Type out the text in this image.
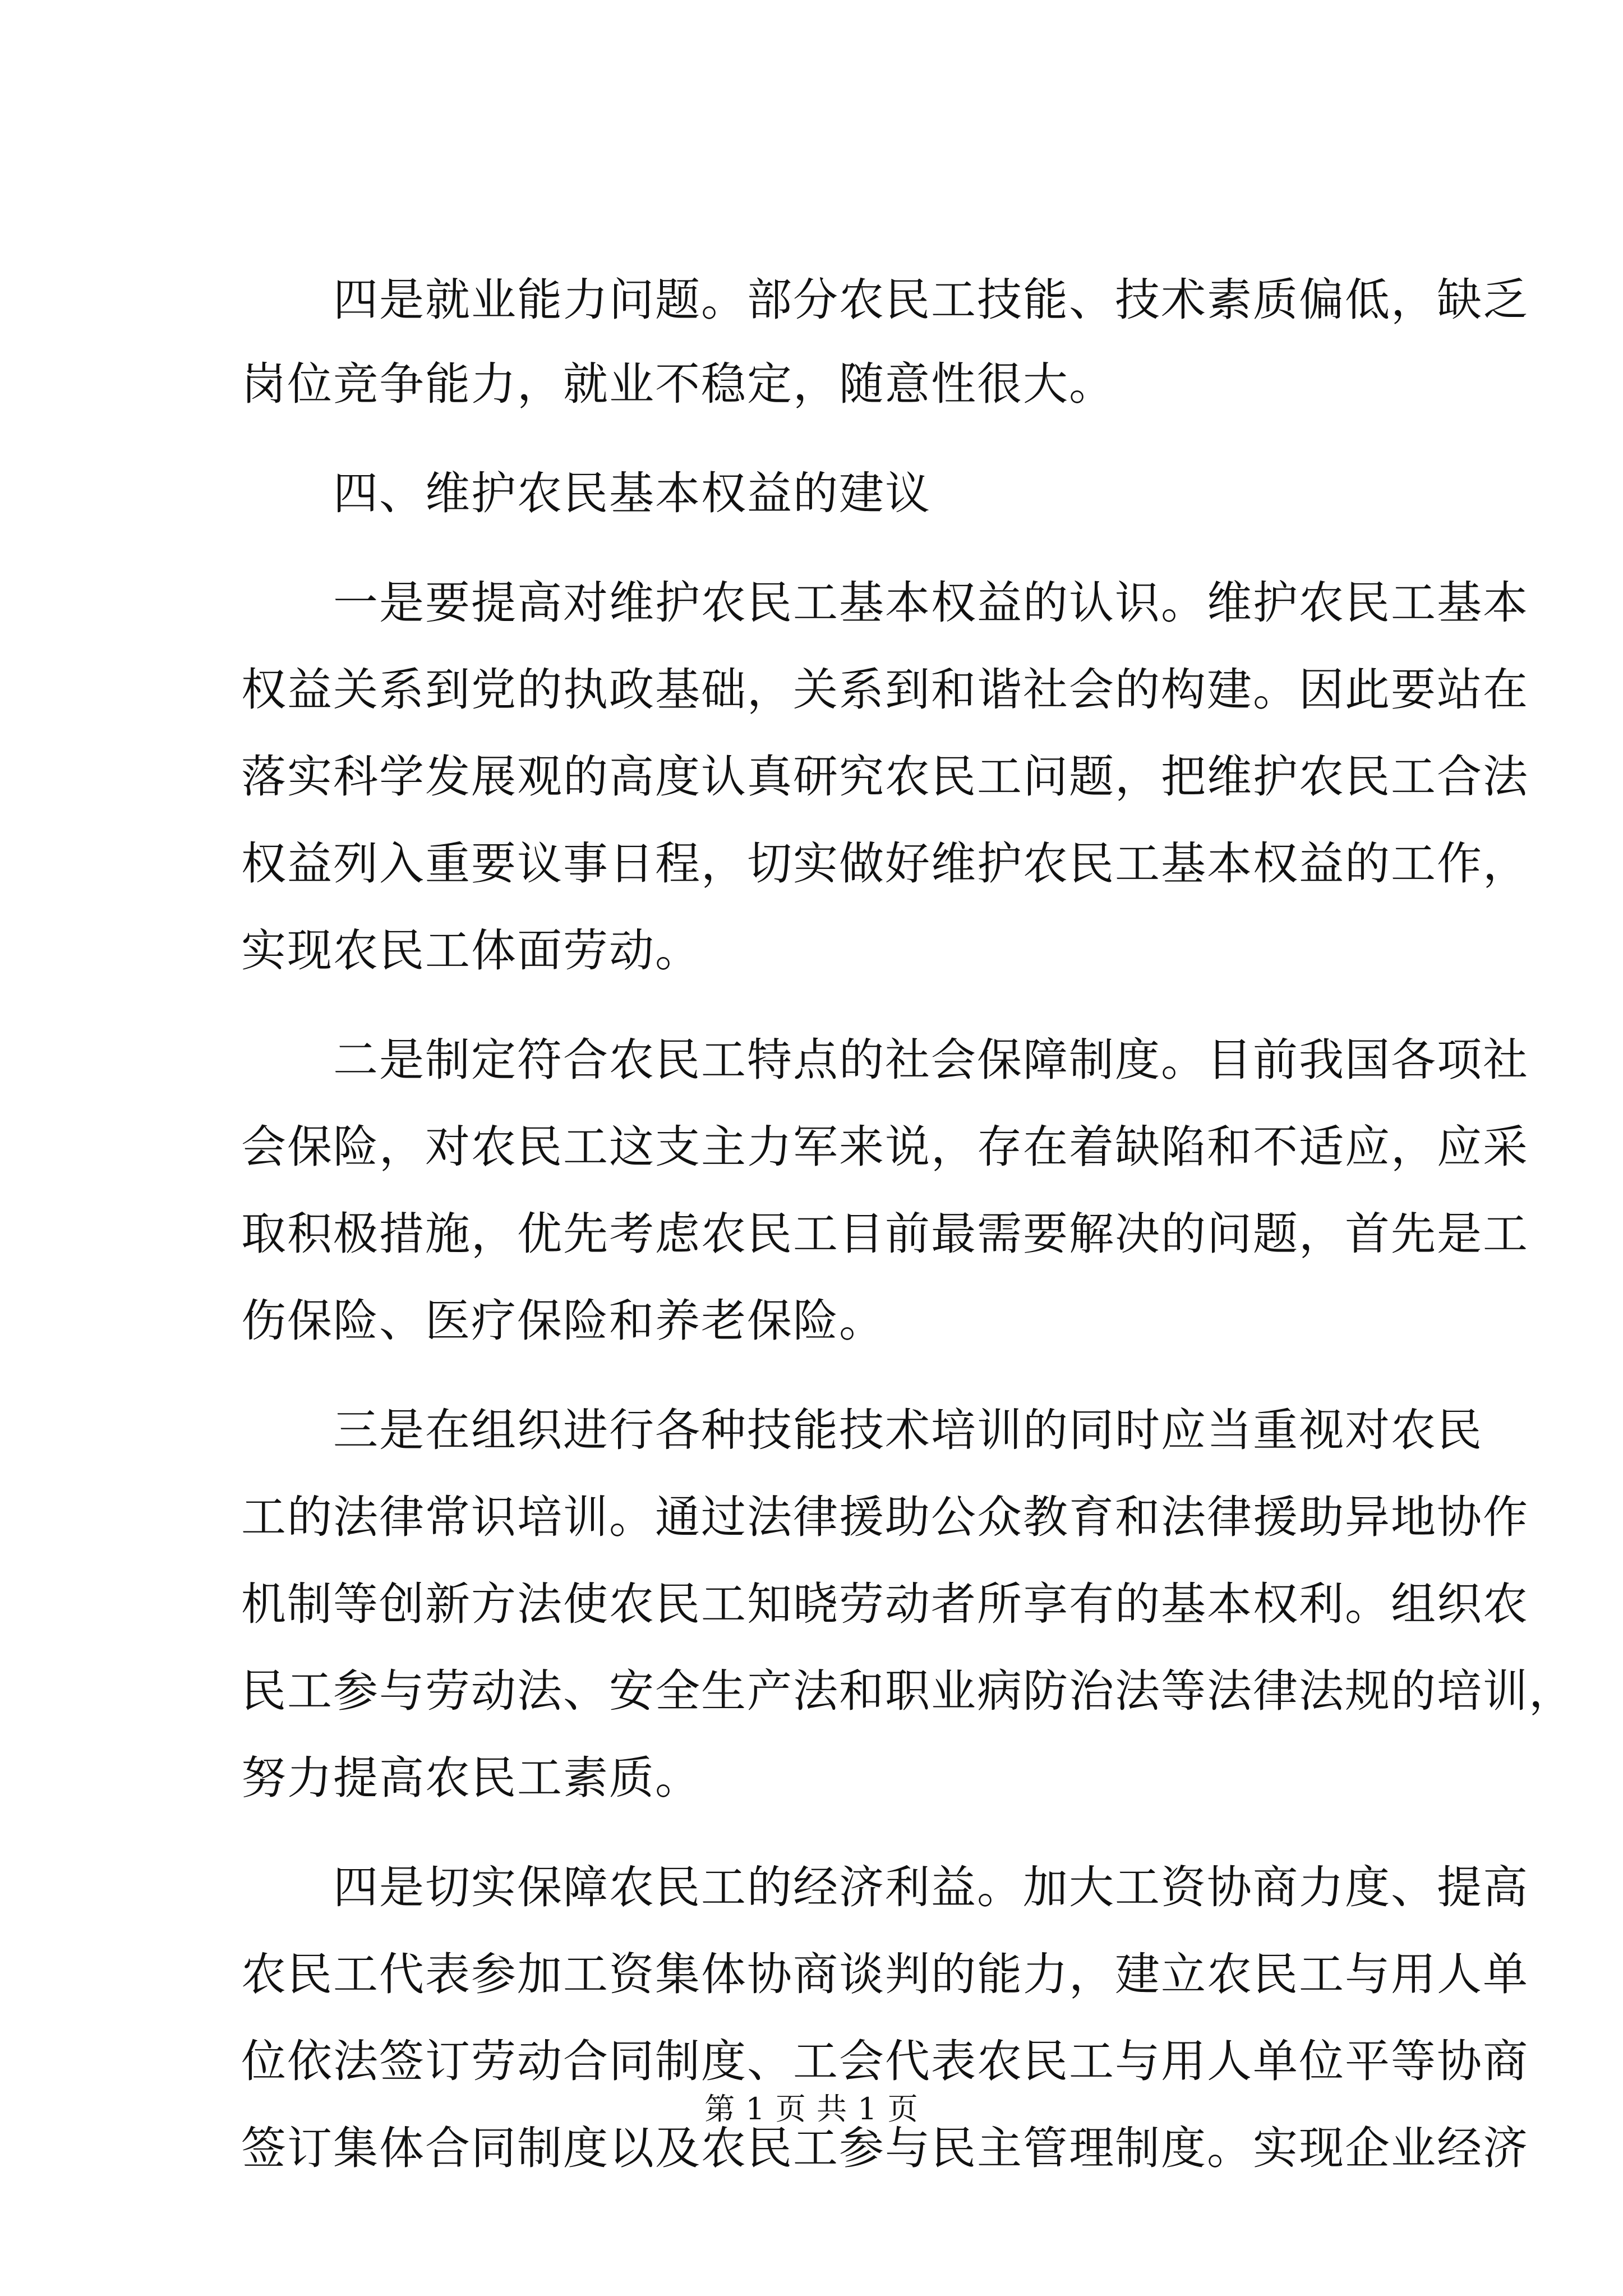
　　四是就业能力问题。部分农民工技能、技术素质偏低，缺乏
岗位竞争能力，就业不稳定，随意性很大。
　　四、维护农民基本权益的建议
　　一是要提高对维护农民工基本权益的认识。维护农民工基本
权益关系到党的执政基础，关系到和谐社会的构建。因此要站在
落实科学发展观的高度认真研究农民工问题，把维护农民工合法
权益列入重要议事日程，切实做好维护农民工基本权益的工作，
实现农民工体面劳动。
　　二是制定符合农民工特点的社会保障制度。目前我国各项社
会保险，对农民工这支主力军来说，存在着缺陷和不适应，应采
取积极措施，优先考虑农民工目前最需要解决的问题，首先是工
伤保险、医疗保险和养老保险。
　　三是在组织进行各种技能技术培训的同时应当重视对农民
工的法律常识培训。通过法律援助公众教育和法律援助异地协作
机制等创新方法使农民工知晓劳动者所享有的基本权利。组织农
民工参与劳动法、安全生产法和职业病防治法等法律法规的培训，
努力提高农民工素质。
　　四是切实保障农民工的经济利益。加大工资协商力度、提高
农民工代表参加工资集体协商谈判的能力，建立农民工与用人单
位依法签订劳动合同制度、工会代表农民工与用人单位平等协商
签订集体合同制度以及农民工参与民主管理制度。实现企业经济
第 1 页 共 1 页
